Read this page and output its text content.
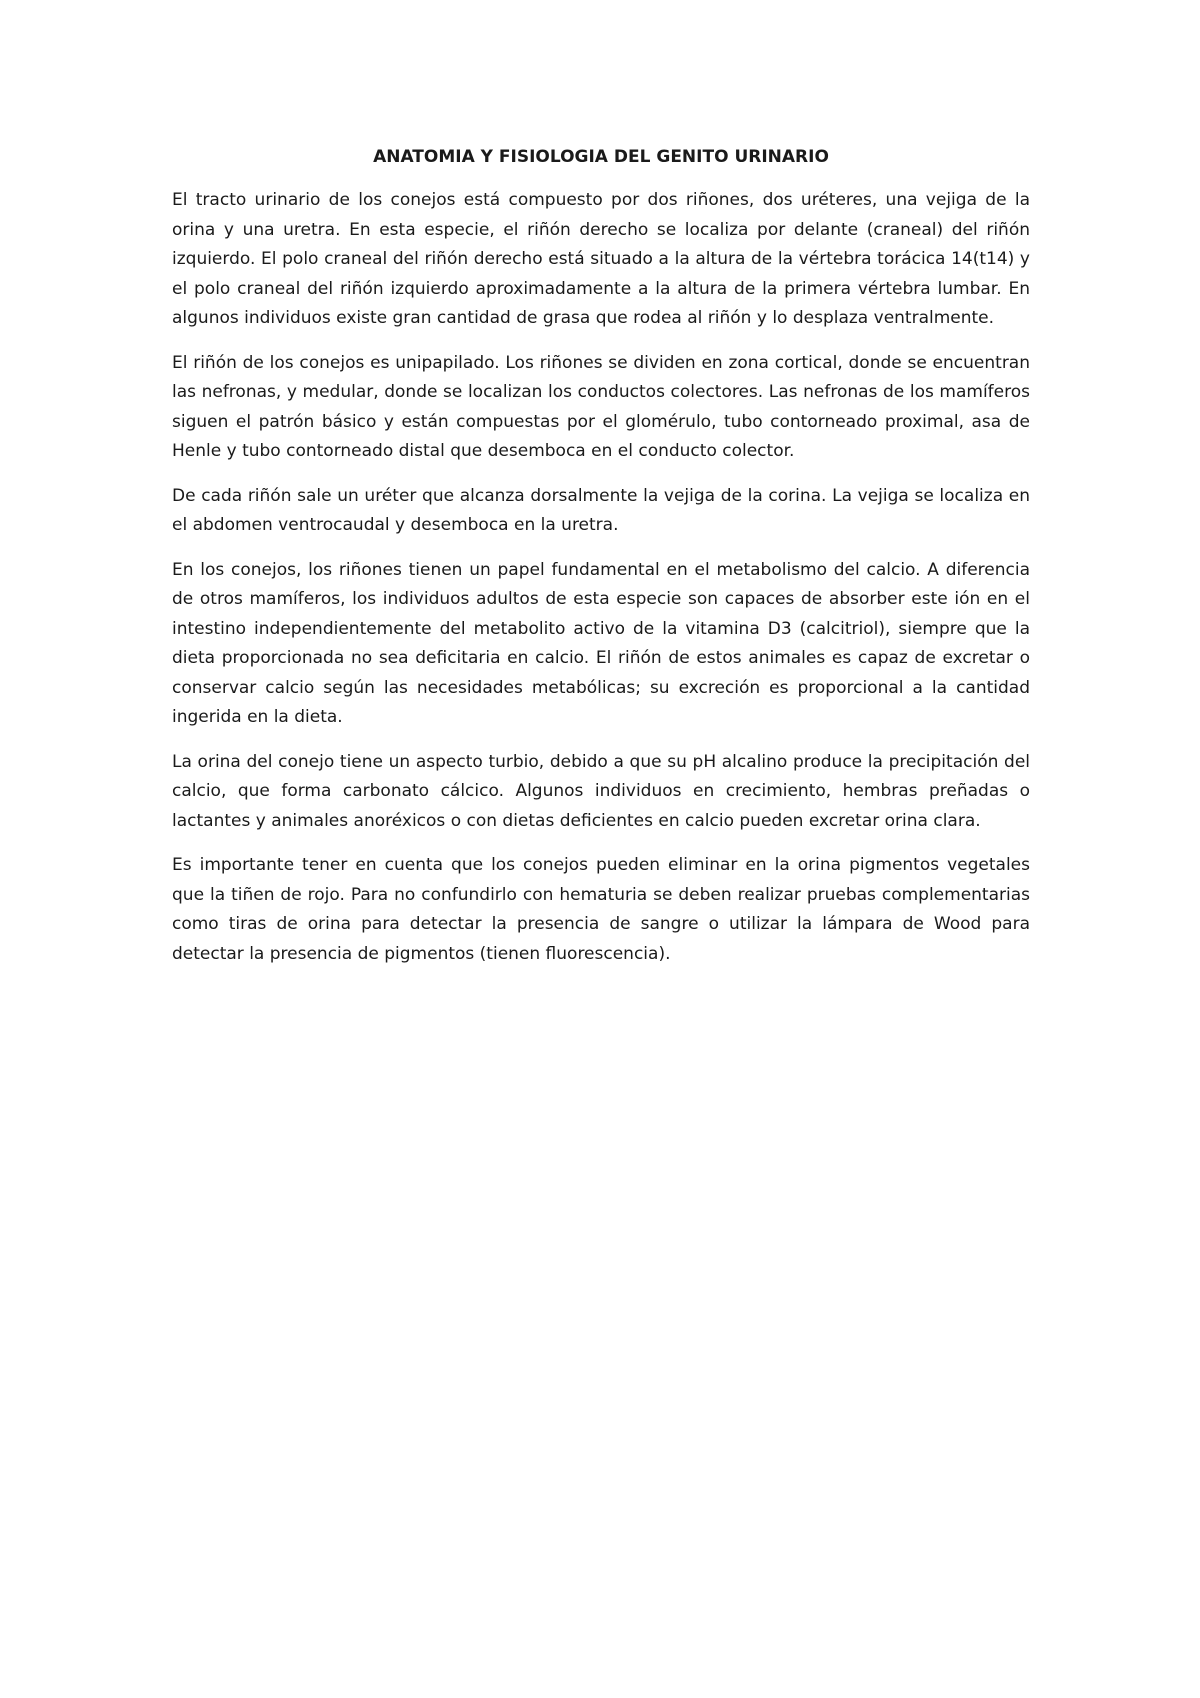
ANATOMIA Y FISIOLOGIA DEL GENITO URINARIO

El tracto urinario de los conejos está compuesto por dos riñones, dos uréteres, una vejiga de la orina y una uretra. En esta especie, el riñón derecho se localiza por delante (craneal) del riñón izquierdo. El polo craneal del riñón derecho está situado a la altura de la vértebra torácica 14(t14) y el polo craneal del riñón izquierdo aproximadamente a la altura de la primera vértebra lumbar. En algunos individuos existe gran cantidad de grasa que rodea al riñón y lo desplaza ventralmente.

El riñón de los conejos es unipapilado. Los riñones se dividen en zona cortical, donde se encuentran las nefronas, y medular, donde se localizan los conductos colectores. Las nefronas de los mamíferos siguen el patrón básico y están compuestas por el glomérulo, tubo contorneado proximal, asa de Henle y tubo contorneado distal que desemboca en el conducto colector.

De cada riñón sale un uréter que alcanza dorsalmente la vejiga de la corina. La vejiga se localiza en el abdomen ventrocaudal y desemboca en la uretra.

En los conejos, los riñones tienen un papel fundamental en el metabolismo del calcio. A diferencia de otros mamíferos, los individuos adultos de esta especie son capaces de absorber este ión en el intestino independientemente del metabolito activo de la vitamina D3 (calcitriol), siempre que la dieta proporcionada no sea deficitaria en calcio. El riñón de estos animales es capaz de excretar o conservar calcio según las necesidades metabólicas; su excreción es proporcional a la cantidad ingerida en la dieta.

La orina del conejo tiene un aspecto turbio, debido a que su pH alcalino produce la precipitación del calcio, que forma carbonato cálcico. Algunos individuos en crecimiento, hembras preñadas o lactantes y animales anoréxicos o con dietas deficientes en calcio pueden excretar orina clara.

Es importante tener en cuenta que los conejos pueden eliminar en la orina pigmentos vegetales que la tiñen de rojo. Para no confundirlo con hematuria se deben realizar pruebas complementarias como tiras de orina para detectar la presencia de sangre o utilizar la lámpara de Wood para detectar la presencia de pigmentos (tienen fluorescencia).
